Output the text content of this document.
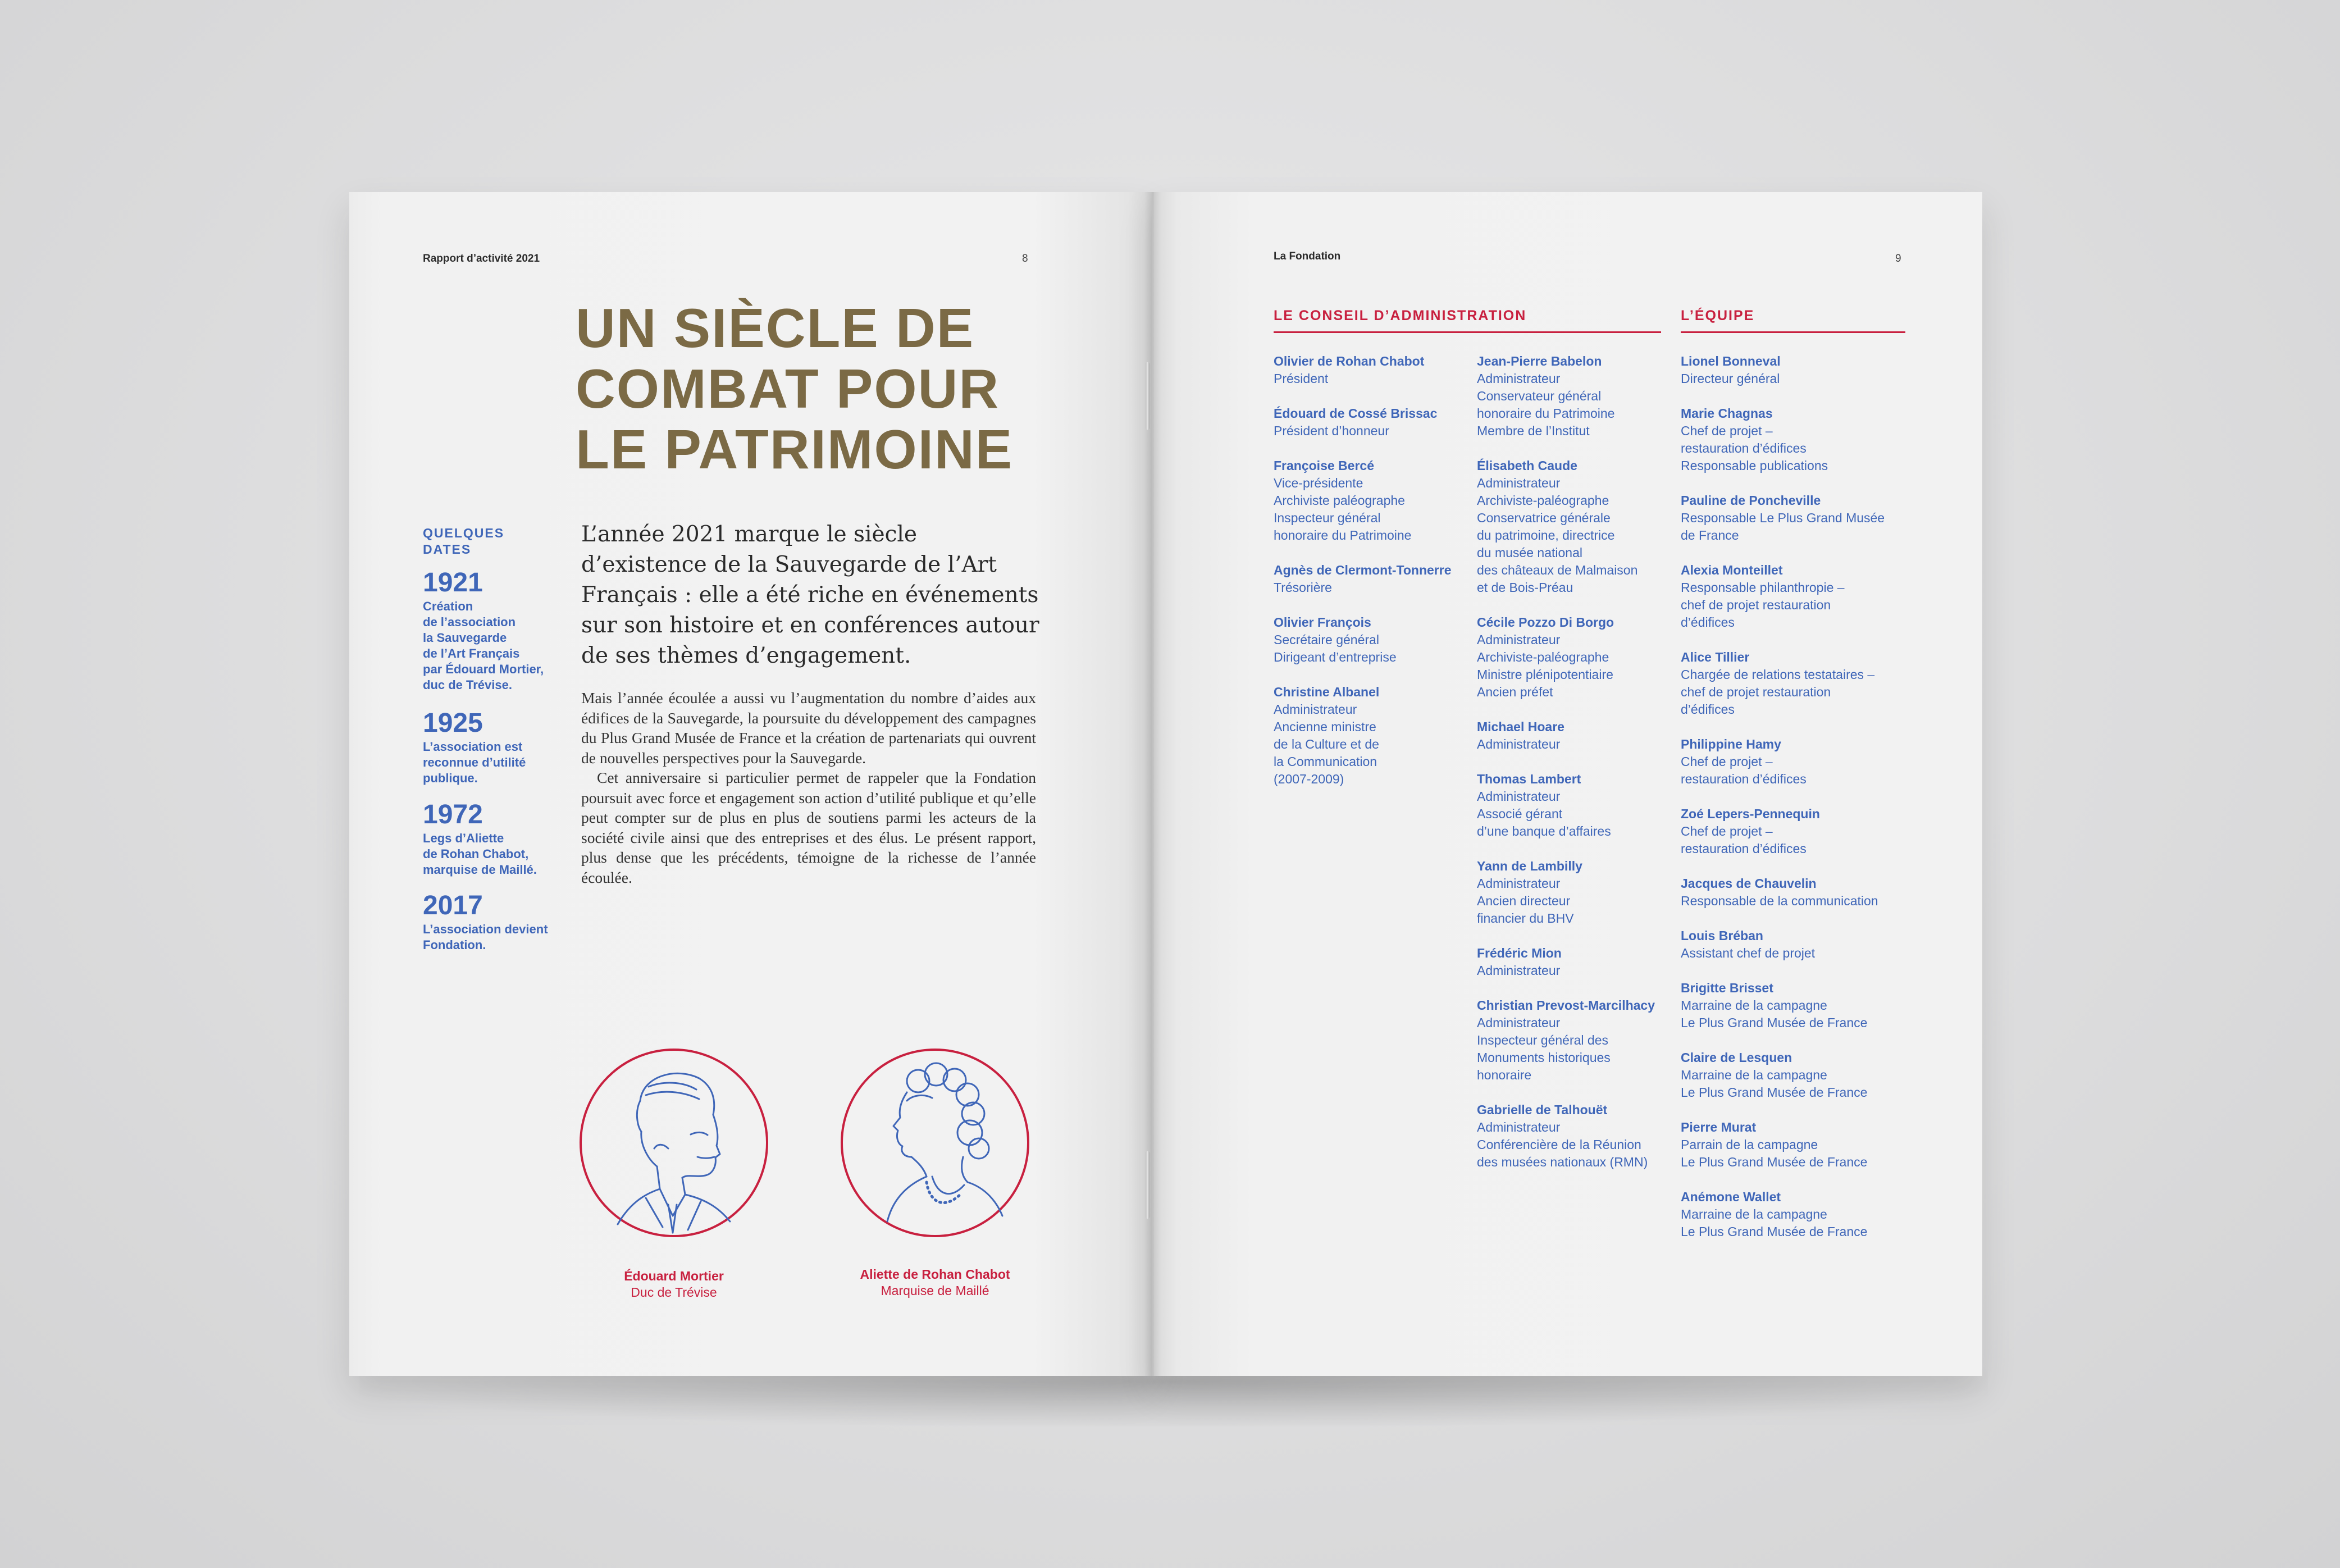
Rapport d’activité 2021	8
UN SIÈCLE DE
COMBAT POUR
LE PATRIMOINE
QUELQUES
DATES
1921
Création
de l’association
la Sauvegarde
de l’Art Français
par Édouard Mortier,
duc de Trévise.
1925
L’association est
reconnue d’utilité
publique.
1972
Legs d’Aliette
de Rohan Chabot,
marquise de Maillé.
2017
L’association devient
Fondation.
L’année 2021 marque le siècle d’existence de la Sauvegarde de l’Art Français : elle a été riche en événements sur son histoire et en conférences autour de ses thèmes d’engagement.

Mais l’année écoulée a aussi vu l’augmentation du nombre d’aides aux édifices de la Sauvegarde, la poursuite du développement des campagnes du Plus Grand Musée de France et la création de partenariats qui ouvrent de nouvelles perspectives pour la Sauvegarde.

Cet anniversaire si particulier permet de rappeler que la Fondation poursuit avec force et engagement son action d’utilité publique et qu’elle peut compter sur de plus en plus de soutiens parmi les acteurs de la société civile ainsi que des entreprises et des élus. Le présent rapport, plus dense que les précédents, témoigne de la richesse de l’année écoulée.

Édouard Mortier
Duc de Trévise
Aliette de Rohan Chabot
Marquise de Maillé
La Fondation	9
LE CONSEIL D’ADMINISTRATION	L’ÉQUIPE
Olivier de Rohan Chabot
Président
Édouard de Cossé Brissac
Président d’honneur
Françoise Bercé
Vice-présidente
Archiviste paléographe
Inspecteur général
honoraire du Patrimoine
Agnès de Clermont-Tonnerre
Trésorière
Olivier François
Secrétaire général
Dirigeant d’entreprise
Christine Albanel
Administrateur
Ancienne ministre
de la Culture et de
la Communication
(2007-2009)
Jean-Pierre Babelon
Administrateur
Conservateur général
honoraire du Patrimoine
Membre de l’Institut
Élisabeth Caude
Administrateur
Archiviste-paléographe
Conservatrice générale
du patrimoine, directrice
du musée national
des châteaux de Malmaison
et de Bois-Préau
Cécile Pozzo Di Borgo
Administrateur
Archiviste-paléographe
Ministre plénipotentiaire
Ancien préfet
Michael Hoare
Administrateur
Thomas Lambert
Administrateur
Associé gérant
d’une banque d’affaires
Yann de Lambilly
Administrateur
Ancien directeur
financier du BHV
Frédéric Mion
Administrateur
Christian Prevost-Marcilhacy
Administrateur
Inspecteur général des
Monuments historiques
honoraire
Gabrielle de Talhouët
Administrateur
Conférencière de la Réunion
des musées nationaux (RMN)
Lionel Bonneval
Directeur général
Marie Chagnas
Chef de projet –
restauration d’édifices
Responsable publications
Pauline de Poncheville
Responsable Le Plus Grand Musée
de France
Alexia Monteillet
Responsable philanthropie –
chef de projet restauration
d’édifices
Alice Tillier
Chargée de relations testataires –
chef de projet restauration
d’édifices
Philippine Hamy
Chef de projet –
restauration d’édifices
Zoé Lepers-Pennequin
Chef de projet –
restauration d’édifices
Jacques de Chauvelin
Responsable de la communication
Louis Bréban
Assistant chef de projet
Brigitte Brisset
Marraine de la campagne
Le Plus Grand Musée de France
Claire de Lesquen
Marraine de la campagne
Le Plus Grand Musée de France
Pierre Murat
Parrain de la campagne
Le Plus Grand Musée de France
Anémone Wallet
Marraine de la campagne
Le Plus Grand Musée de France
